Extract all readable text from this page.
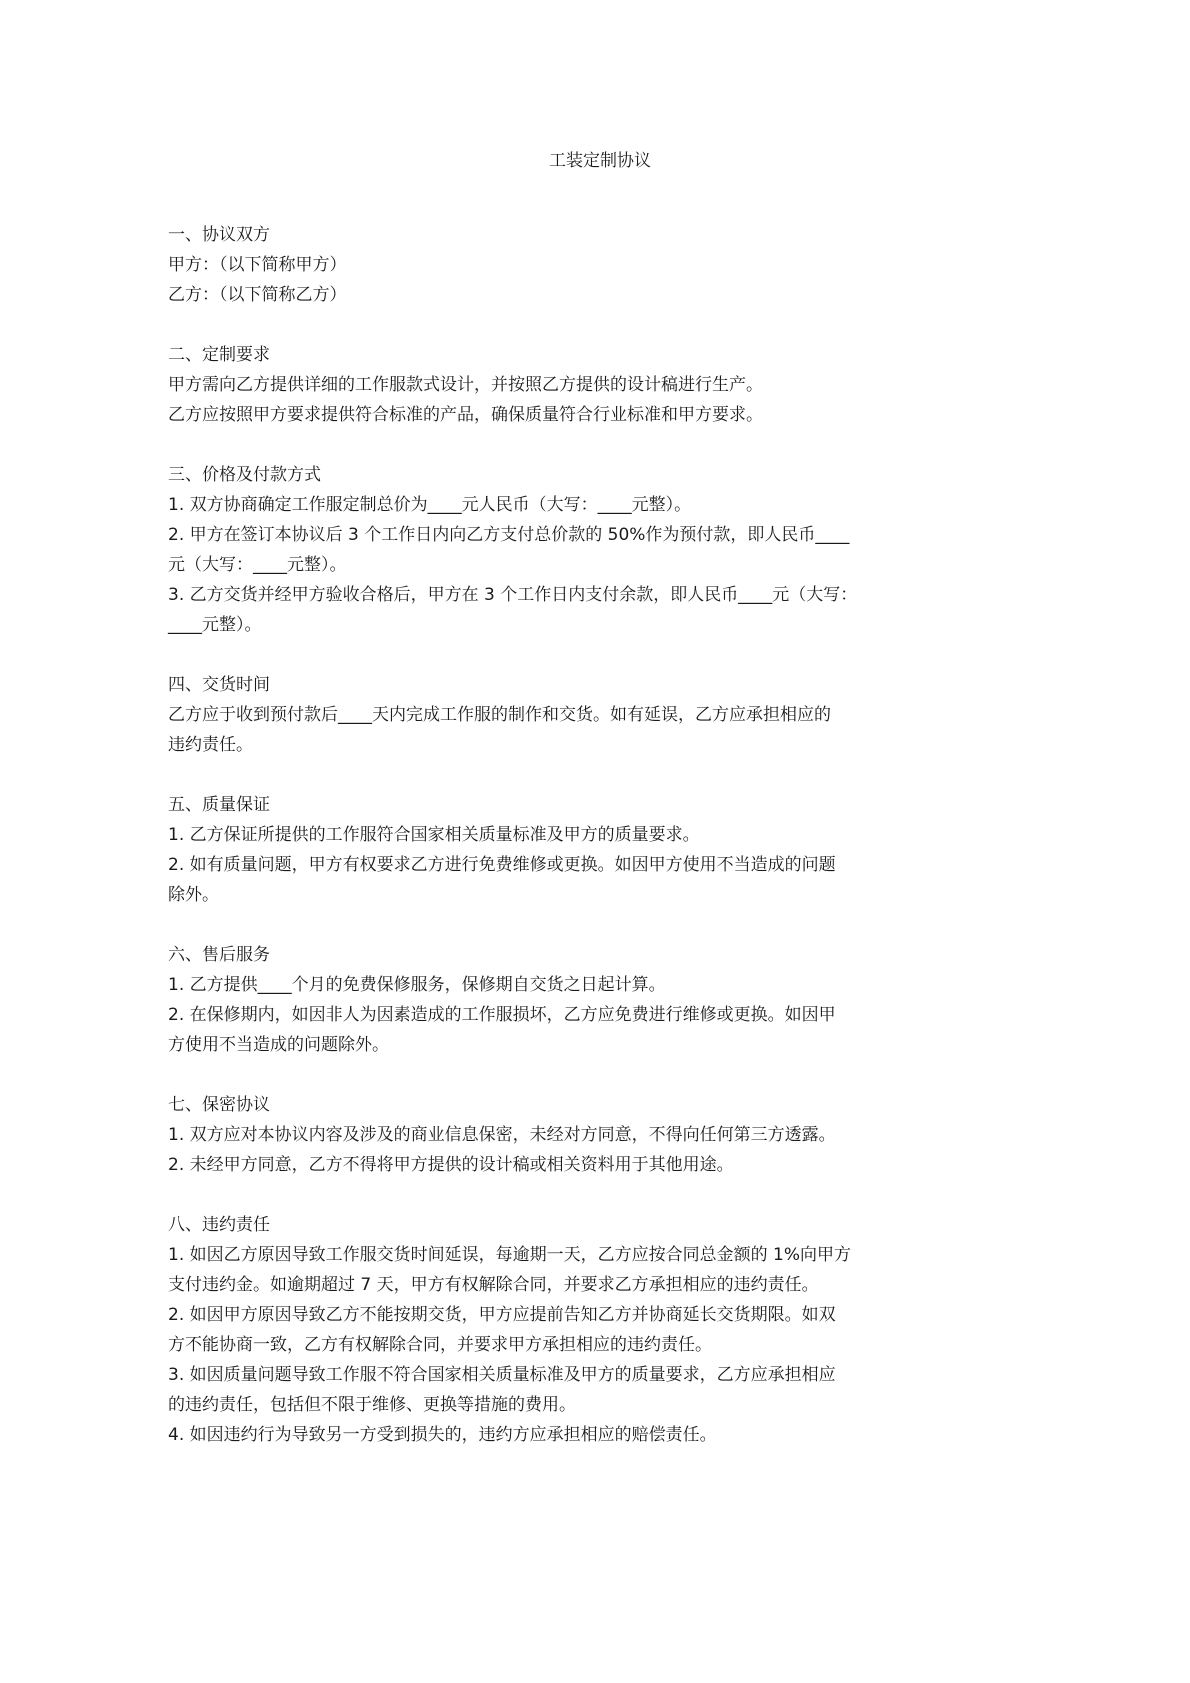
工装定制协议
一、协议双方
甲方：（以下简称甲方）
乙方：（以下简称乙方）
二、定制要求
甲方需向乙方提供详细的工作服款式设计，并按照乙方提供的设计稿进行生产。
乙方应按照甲方要求提供符合标准的产品，确保质量符合行业标准和甲方要求。
三、价格及付款方式
1. 双方协商确定工作服定制总价为____元人民币（大写：____元整）。
2. 甲方在签订本协议后 3 个工作日内向乙方支付总价款的 50%作为预付款，即人民币____
元（大写：____元整）。
3. 乙方交货并经甲方验收合格后，甲方在 3 个工作日内支付余款，即人民币____元（大写：
____元整）。
四、交货时间
乙方应于收到预付款后____天内完成工作服的制作和交货。如有延误，乙方应承担相应的
违约责任。
五、质量保证
1. 乙方保证所提供的工作服符合国家相关质量标准及甲方的质量要求。
2. 如有质量问题，甲方有权要求乙方进行免费维修或更换。如因甲方使用不当造成的问题
除外。
六、售后服务
1. 乙方提供____个月的免费保修服务，保修期自交货之日起计算。
2. 在保修期内，如因非人为因素造成的工作服损坏，乙方应免费进行维修或更换。如因甲
方使用不当造成的问题除外。
七、保密协议
1. 双方应对本协议内容及涉及的商业信息保密，未经对方同意，不得向任何第三方透露。
2. 未经甲方同意，乙方不得将甲方提供的设计稿或相关资料用于其他用途。
八、违约责任
1. 如因乙方原因导致工作服交货时间延误，每逾期一天，乙方应按合同总金额的 1%向甲方
支付违约金。如逾期超过 7 天，甲方有权解除合同，并要求乙方承担相应的违约责任。
2. 如因甲方原因导致乙方不能按期交货，甲方应提前告知乙方并协商延长交货期限。如双
方不能协商一致，乙方有权解除合同，并要求甲方承担相应的违约责任。
3. 如因质量问题导致工作服不符合国家相关质量标准及甲方的质量要求，乙方应承担相应
的违约责任，包括但不限于维修、更换等措施的费用。
4. 如因违约行为导致另一方受到损失的，违约方应承担相应的赔偿责任。
